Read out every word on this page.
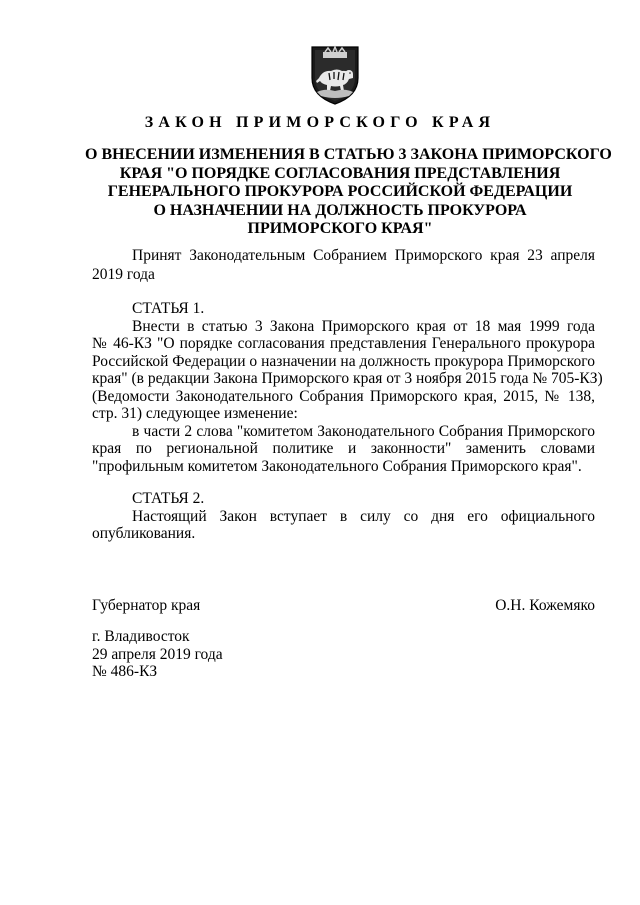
ЗАКОН ПРИМОРСКОГО КРАЯ
О ВНЕСЕНИИ ИЗМЕНЕНИЯ В СТАТЬЮ 3 ЗАКОНА ПРИМОРСКОГО
КРАЯ "О ПОРЯДКЕ СОГЛАСОВАНИЯ ПРЕДСТАВЛЕНИЯ
ГЕНЕРАЛЬНОГО ПРОКУРОРА РОССИЙСКОЙ ФЕДЕРАЦИИ
О НАЗНАЧЕНИИ НА ДОЛЖНОСТЬ ПРОКУРОРА
ПРИМОРСКОГО КРАЯ"
Принят Законодательным Собранием Приморского края 23 апреля
2019 года
СТАТЬЯ 1.
Внести в статью 3 Закона Приморского края от 18 мая 1999 года
№ 46-КЗ "О порядке согласования представления Генерального прокурора
Российской Федерации о назначении на должность прокурора Приморского
края" (в редакции Закона Приморского края от 3 ноября 2015 года № 705-КЗ)
(Ведомости Законодательного Собрания Приморского края, 2015, № 138,
стр. 31) следующее изменение:
в части 2 слова "комитетом Законодательного Собрания Приморского
края по региональной политике и законности" заменить словами
"профильным комитетом Законодательного Собрания Приморского края".
СТАТЬЯ 2.
Настоящий Закон вступает в силу со дня его официального
опубликования.
Губернатор края	О.Н. Кожемяко
г. Владивосток
29 апреля 2019 года
№ 486-КЗ
